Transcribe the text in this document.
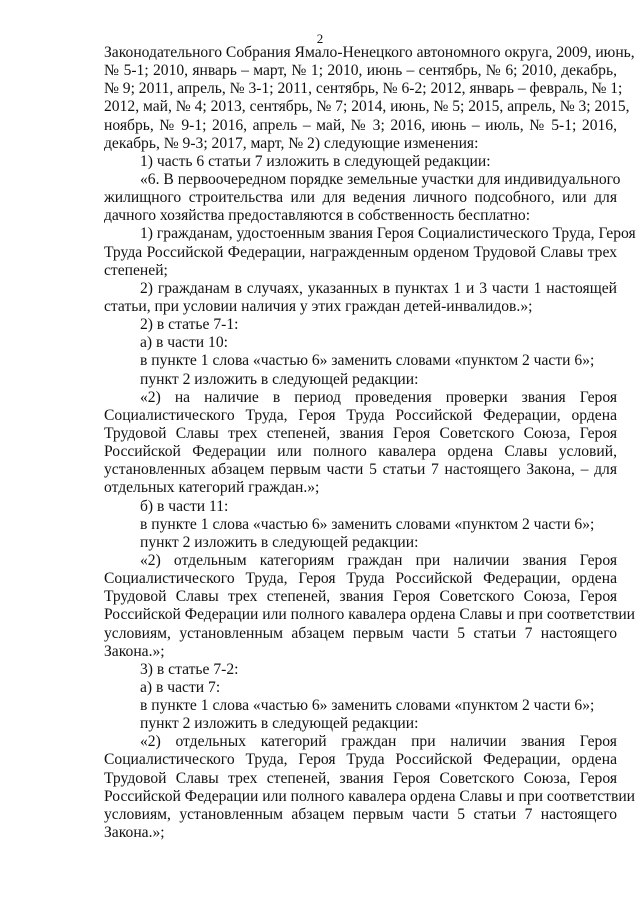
2
Законодательного Собрания Ямало-Ненецкого автономного округа, 2009, июнь,
№ 5-1; 2010, январь – март, № 1; 2010, июнь – сентябрь, № 6; 2010, декабрь,
№ 9; 2011, апрель, № 3-1; 2011, сентябрь, № 6-2; 2012, январь – февраль, № 1;
2012, май, № 4; 2013, сентябрь, № 7; 2014, июнь, № 5; 2015, апрель, № 3; 2015,
ноябрь, № 9-1; 2016, апрель – май, № 3; 2016, июнь – июль, № 5-1; 2016,
декабрь, № 9-3; 2017, март, № 2) следующие изменения:
1) часть 6 статьи 7 изложить в следующей редакции:
«6. В первоочередном порядке земельные участки для индивидуального
жилищного строительства или для ведения личного подсобного, или для
дачного хозяйства предоставляются в собственность бесплатно:
1) гражданам, удостоенным звания Героя Социалистического Труда, Героя
Труда Российской Федерации, награжденным орденом Трудовой Славы трех
степеней;
2) гражданам в случаях, указанных в пунктах 1 и 3 части 1 настоящей
статьи, при условии наличия у этих граждан детей-инвалидов.»;
2) в статье 7-1:
а) в части 10:
в пункте 1 слова «частью 6» заменить словами «пунктом 2 части 6»;
пункт 2 изложить в следующей редакции:
«2) на наличие в период проведения проверки звания Героя
Социалистического Труда, Героя Труда Российской Федерации, ордена
Трудовой Славы трех степеней, звания Героя Советского Союза, Героя
Российской Федерации или полного кавалера ордена Славы условий,
установленных абзацем первым части 5 статьи 7 настоящего Закона, – для
отдельных категорий граждан.»;
б) в части 11:
в пункте 1 слова «частью 6» заменить словами «пунктом 2 части 6»;
пункт 2 изложить в следующей редакции:
«2) отдельным категориям граждан при наличии звания Героя
Социалистического Труда, Героя Труда Российской Федерации, ордена
Трудовой Славы трех степеней, звания Героя Советского Союза, Героя
Российской Федерации или полного кавалера ордена Славы и при соответствии
условиям, установленным абзацем первым части 5 статьи 7 настоящего
Закона.»;
3) в статье 7-2:
а) в части 7:
в пункте 1 слова «частью 6» заменить словами «пунктом 2 части 6»;
пункт 2 изложить в следующей редакции:
«2) отдельных категорий граждан при наличии звания Героя
Социалистического Труда, Героя Труда Российской Федерации, ордена
Трудовой Славы трех степеней, звания Героя Советского Союза, Героя
Российской Федерации или полного кавалера ордена Славы и при соответствии
условиям, установленным абзацем первым части 5 статьи 7 настоящего
Закона.»;
